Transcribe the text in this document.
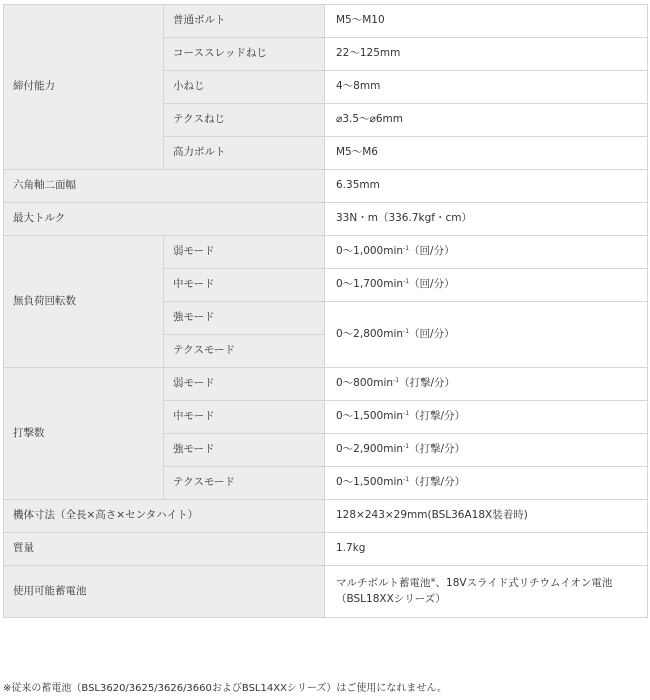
締付能力	普通ボルト	M5～M10
	コーススレッドねじ	22～125mm
	小ねじ	4～8mm
	テクスねじ	⌀3.5～⌀6mm
	高力ボルト	M5～M6
六角軸二面幅		6.35mm
最大トルク		33N・m（336.7kgf・cm）
無負荷回転数	弱モード	$0\sim 1,000\min^{-1}$（回/分）
	中モード	$0\sim 1,700\min^{-1}$（回/分）
	強モード	$0\sim 2,800\min^{-1}$（回/分）
	テクスモード	
打撃数	弱モード	$0\sim 800\min^{-1}$（打撃/分）
	中モード	$0\sim 1,500\min^{-1}$（打撃/分）
	強モード	$0\sim 2,900\min^{-1}$（打撃/分）
	テクスモード	$0\sim 1,500\min^{-1}$（打撃/分）
機体寸法（全長×高さ×センタハイト）		128×243×29mm(BSL36A18X装着時)
質量		1.7kg
使用可能蓄電池		マルチボルト蓄電池※、18Vスライド式リチウムイオン電池
（BSL18XXシリーズ）
※従来の蓄電池（BSL3620/3625/3626/3660およびBSL14XXシリーズ）はご使用になれません。
